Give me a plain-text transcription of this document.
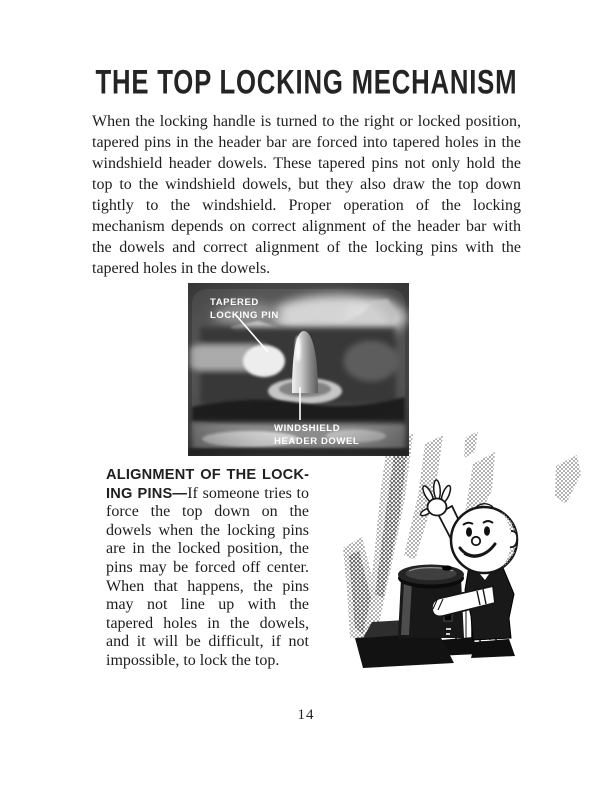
THE TOP LOCKING MECHANISM

When the locking handle is turned to the right or locked position, tapered pins in the header bar are forced into tapered holes in the windshield header dowels. These tapered pins not only hold the top to the windshield dowels, but they also draw the top down tightly to the windshield. Proper operation of the locking mechanism depends on correct alignment of the header bar with the dowels and correct alignment of the locking pins with the tapered holes in the dowels.

TAPERED
LOCKING PIN
WINDSHIELD
HEADER DOWEL

ALIGNMENT OF THE LOCKING PINS—If someone tries to force the top down on the dowels when the locking pins are in the locked position, the pins may be forced off center. When that happens, the pins may not line up with the tapered holes in the dowels, and it will be difficult, if not impossible, to lock the top.

14
